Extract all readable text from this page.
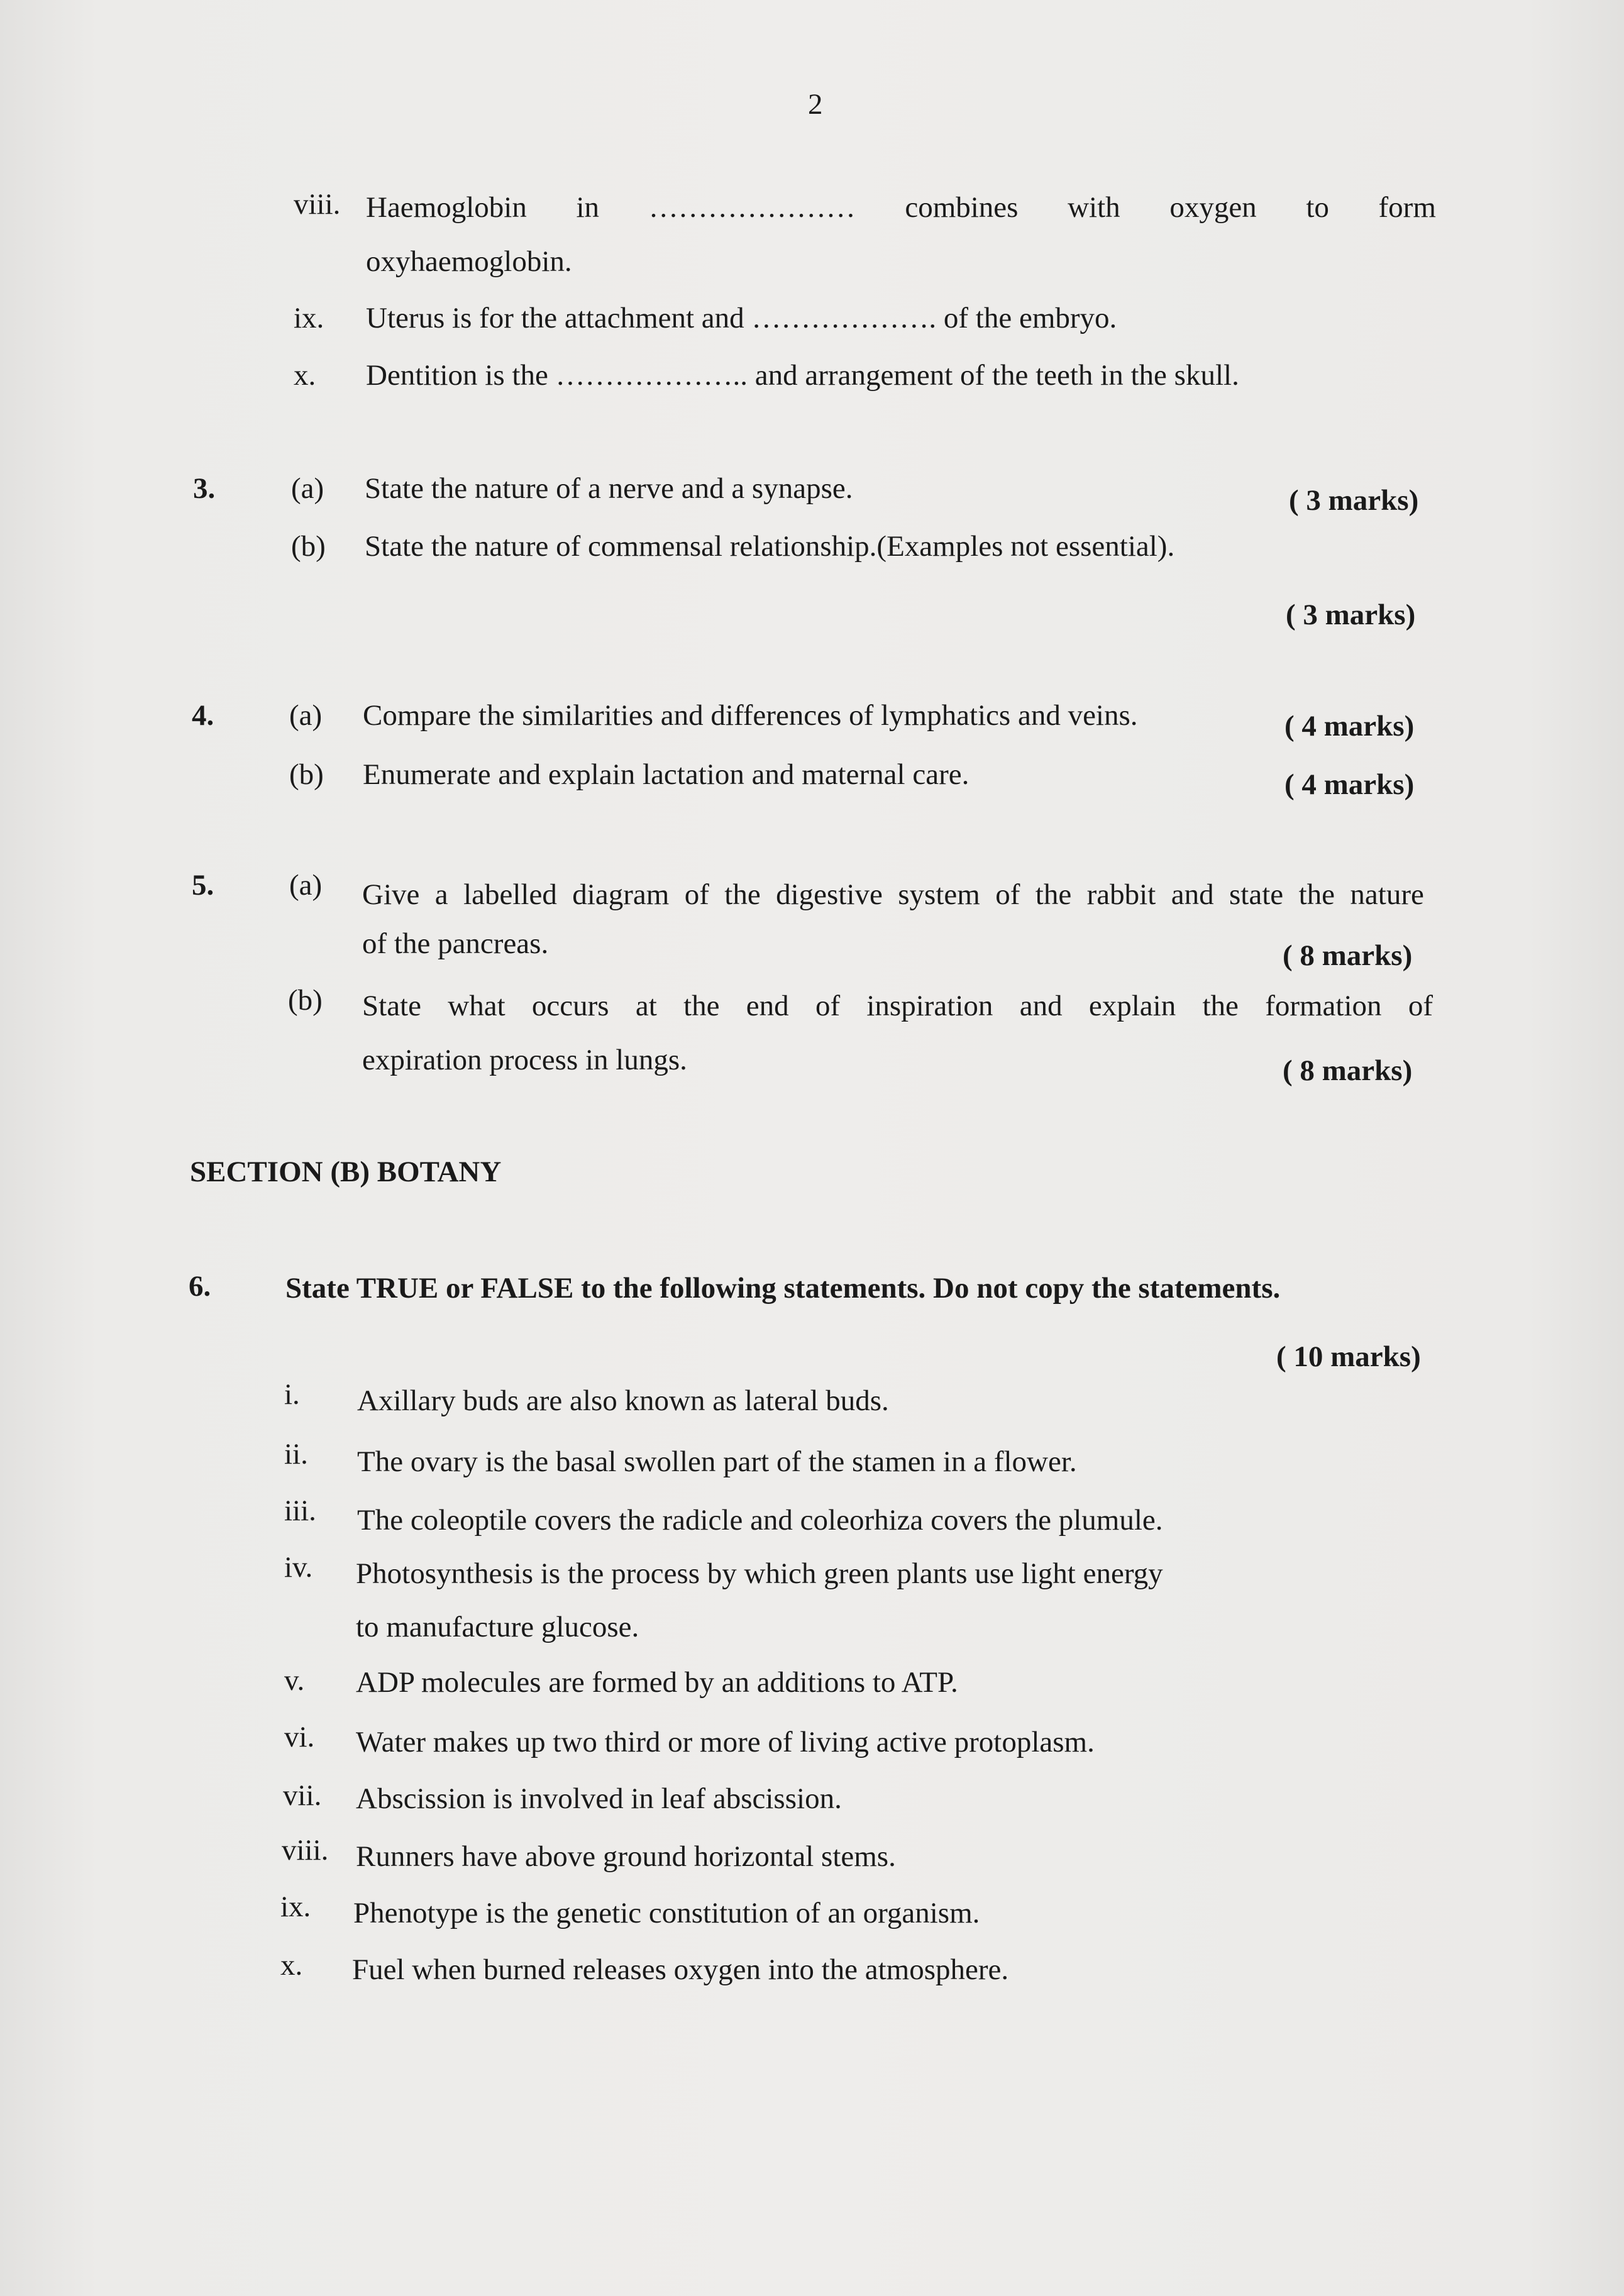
2
viii. Haemoglobin in ………………… combines with oxygen to form
oxyhaemoglobin.
ix. Uterus is for the attachment and ………………. of the embryo.
x. Dentition is the ……………….. and arrangement of the teeth in the skull.
3.	(a) State the nature of a nerve and a synapse.	( 3 marks)
(b) State the nature of commensal relationship.(Examples not essential).
( 3 marks)
4.	(a) Compare the similarities and differences of lymphatics and veins.	( 4 marks)
(b) Enumerate and explain lactation and maternal care.	( 4 marks)
5.	(a) Give a labelled diagram of the digestive system of the rabbit and state the nature
of the pancreas.	( 8 marks)
(b) State what occurs at the end of inspiration and explain the formation of
expiration process in lungs.	( 8 marks)
SECTION (B) BOTANY
6.	State TRUE or FALSE to the following statements. Do not copy the statements.
( 10 marks)
i. Axillary buds are also known as lateral buds.
ii. The ovary is the basal swollen part of the stamen in a flower.
iii. The coleoptile covers the radicle and coleorhiza covers the plumule.
iv. Photosynthesis is the process by which green plants use light energy
to manufacture glucose.
v. ADP molecules are formed by an additions to ATP.
vi. Water makes up two third or more of living active protoplasm.
vii. Abscission is involved in leaf abscission.
viii. Runners have above ground horizontal stems.
ix. Phenotype is the genetic constitution of an organism.
x. Fuel when burned releases oxygen into the atmosphere.
